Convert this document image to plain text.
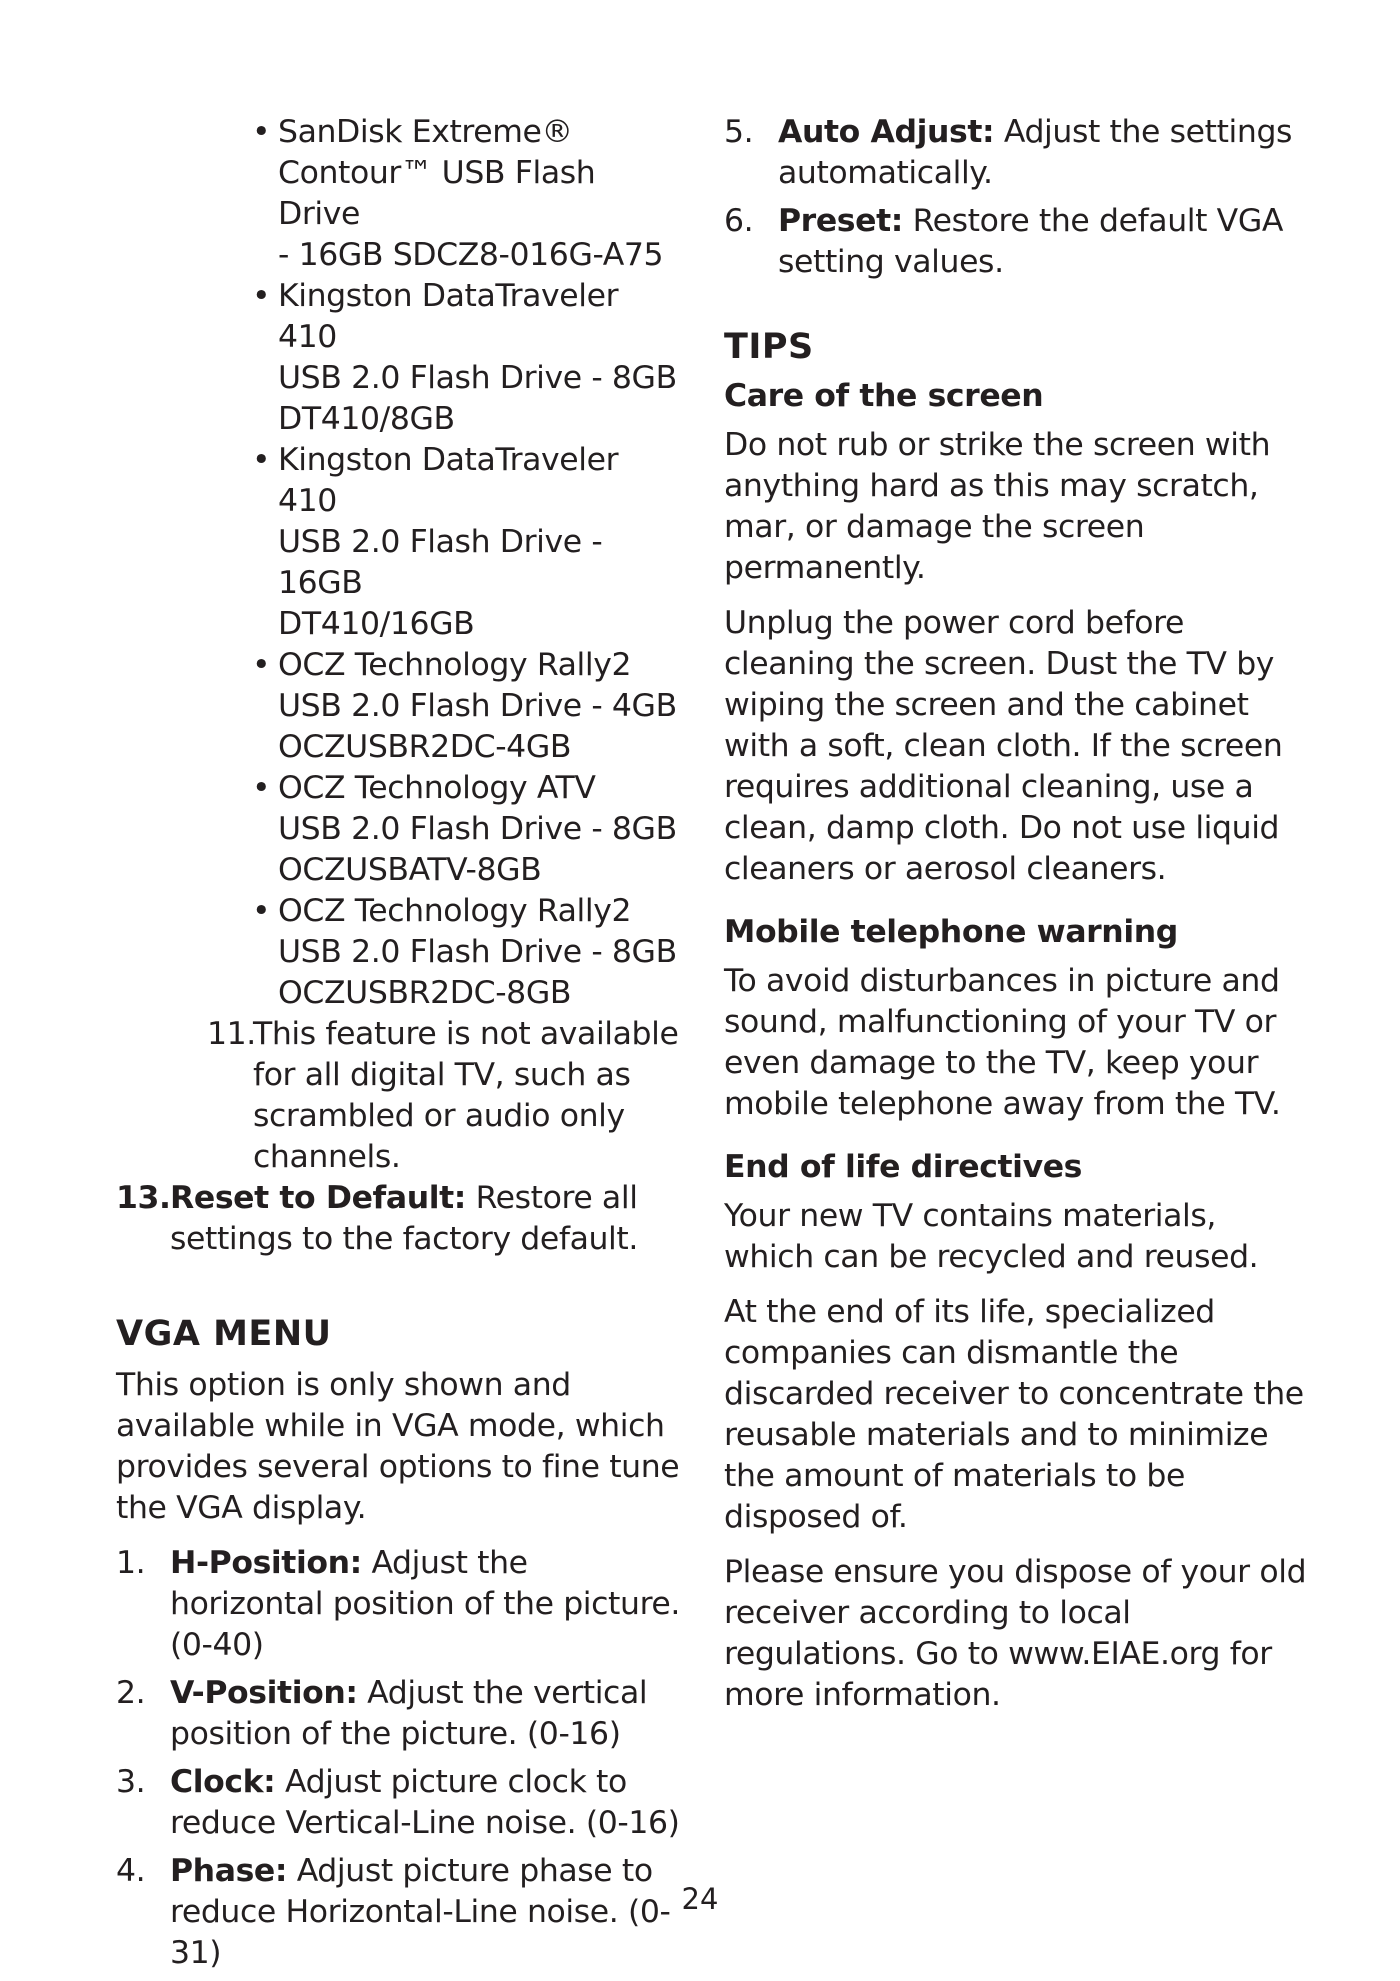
• SanDisk Extreme®
Contour™ USB Flash Drive
- 16GB SDCZ8-016G-A75
• Kingston DataTraveler 410
USB 2.0 Flash Drive - 8GB
DT410/8GB
• Kingston DataTraveler 410
USB 2.0 Flash Drive - 16GB
DT410/16GB
• OCZ Technology Rally2
USB 2.0 Flash Drive - 4GB
OCZUSBR2DC-4GB
• OCZ Technology ATV
USB 2.0 Flash Drive - 8GB
OCZUSBATV-8GB
• OCZ Technology Rally2
USB 2.0 Flash Drive - 8GB
OCZUSBR2DC-8GB
11.
This feature is not available for all digital TV, such as scrambled or audio only channels.
13. Reset to Default: Restore all settings to the factory default.
VGA MENU

This option is only shown and available while in VGA mode, which provides several options to fine tune the VGA display.

1. H-Position: Adjust the horizontal position of the picture. (0-40)
2. V-Position: Adjust the vertical position of the picture. (0-16)
3. Clock: Adjust picture clock to reduce Vertical-Line noise. (0-16)
4. Phase: Adjust picture phase to reduce Horizontal-Line noise. (0-31)
5. Auto Adjust: Adjust the settings automatically.
6. Preset: Restore the default VGA setting values.
TIPS
Care of the screen

Do not rub or strike the screen with anything hard as this may scratch, mar, or damage the screen permanently.

Unplug the power cord before cleaning the screen. Dust the TV by wiping the screen and the cabinet with a soft, clean cloth. If the screen requires additional cleaning, use a clean, damp cloth. Do not use liquid cleaners or aerosol cleaners.

Mobile telephone warning

To avoid disturbances in picture and sound, malfunctioning of your TV or even damage to the TV, keep your mobile telephone away from the TV.

End of life directives

Your new TV contains materials, which can be recycled and reused.

At the end of its life, specialized companies can dismantle the discarded receiver to concentrate the reusable materials and to minimize the amount of materials to be disposed of.

Please ensure you dispose of your old receiver according to local regulations. Go to www.EIAE.org for more information.

24
